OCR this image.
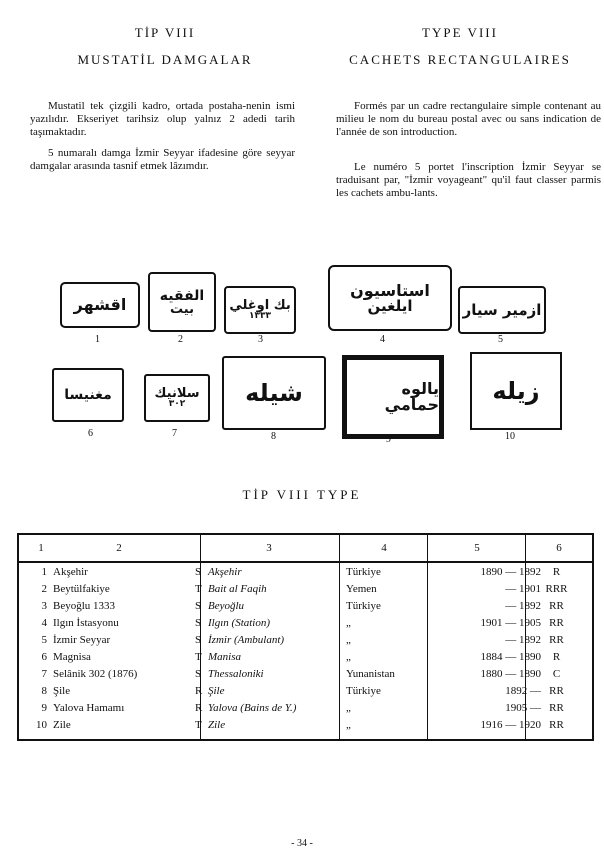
TİP VIII	TYPE VIII
MUSTATİL DAMGALAR	CACHETS RECTANGULAIRES
Mustatil tek çizgili kadro, ortada postaha-nenin ismi yazılıdır. Ekseriyet tarihsiz olup yalnız 2 adedi tarih taşımaktadır.
5 numaralı damga İzmir Seyyar ifadesine göre seyyar damgalar arasında tasnif etmek lâzımdır.
Formés par un cadre rectangulaire simple contenant au milieu le nom du bureau postal avec ou sans indication de l'année de son introduction.
Le numéro 5 portet l'inscription İzmir Seyyar se traduisant par, "İzmir voyageant" qu'il faut classer parmis les cachets ambu-lants.
اقشهر الفقيه
بيت	بك اوغلي
١٣٣٣
استاسيون
ايلغين	ازمير سيار
مغنيسا	سلانيك
٣٠٢ شيله	يالوه حمامي زيله
1	2	3	4	5
6	7	8	9	10
TİP VIII TYPE
1	2	3	4	5	6
1 Akşehir	S Akşehir	Türkiye	1890 — 1892	R
2 Beytülfakiye	T Bait al Faqih	Yemen	— 1901 RRR
3 Beyoğlu 1333	S Beyoğlu	Türkiye	— 1892 RR
4 Ilgın İstasyonu	S Ilgın (Station)	„	1901 — 1905 RR
5 İzmir Seyyar	S İzmir (Ambulant)	„	— 1892 RR
6 Magnisa	T Manisa	„	1884 — 1890	R
7 Selânik 302 (1876)	S Thessaloniki	Yunanistan	1880 — 1890	C
8 Şile	R Şile	Türkiye	1892 — RR
9 Yalova Hamamı	R Yalova (Bains de Y.)	„	1905 — RR
10 Zile	T Zile	„	1916 — 1920 RR
- 34 -
